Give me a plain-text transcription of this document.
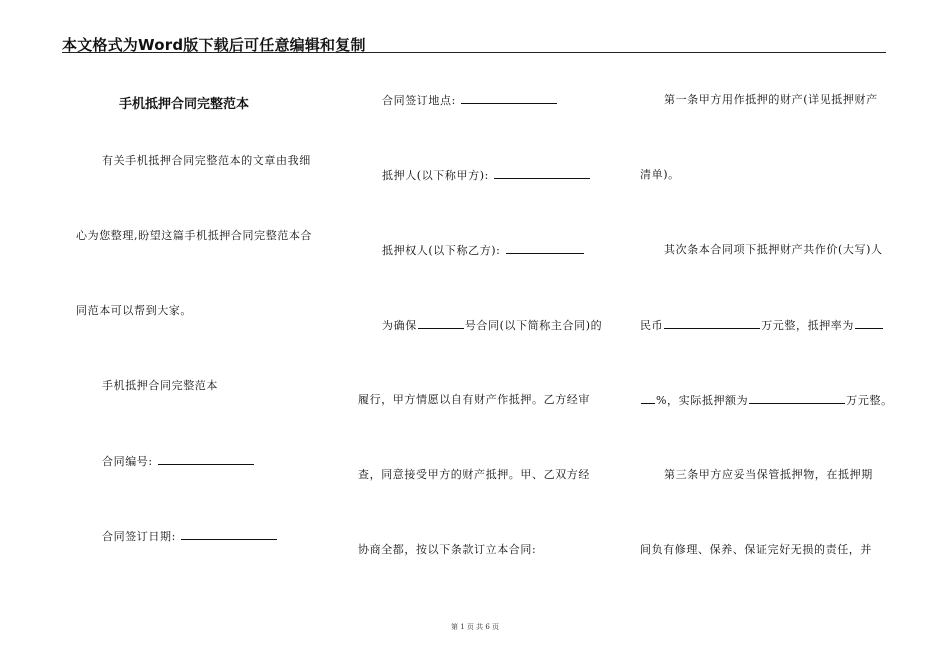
本文格式为Word版下载后可任意编辑和复制
手机抵押合同完整范本
有关手机抵押合同完整范本的文章由我细
心为您整理,盼望这篇手机抵押合同完整范本合
同范本可以帮到大家。
手机抵押合同完整范本
合同编号:
合同签订日期:
合同签订地点:
抵押人(以下称甲方):
抵押权人(以下称乙方):
为确保	号合同(以下简称主合同)的
履行，甲方情愿以自有财产作抵押。乙方经审
查，同意接受甲方的财产抵押。甲、乙双方经
协商全都，按以下条款订立本合同:
第一条甲方用作抵押的财产(详见抵押财产
清单)。
其次条本合同项下抵押财产共作价(大写)人
民币	万元整，抵押率为
%，实际抵押额为	万元整。
第三条甲方应妥当保管抵押物，在抵押期
间负有修理、保养、保证完好无损的责任，并
第 1 页 共 6 页
